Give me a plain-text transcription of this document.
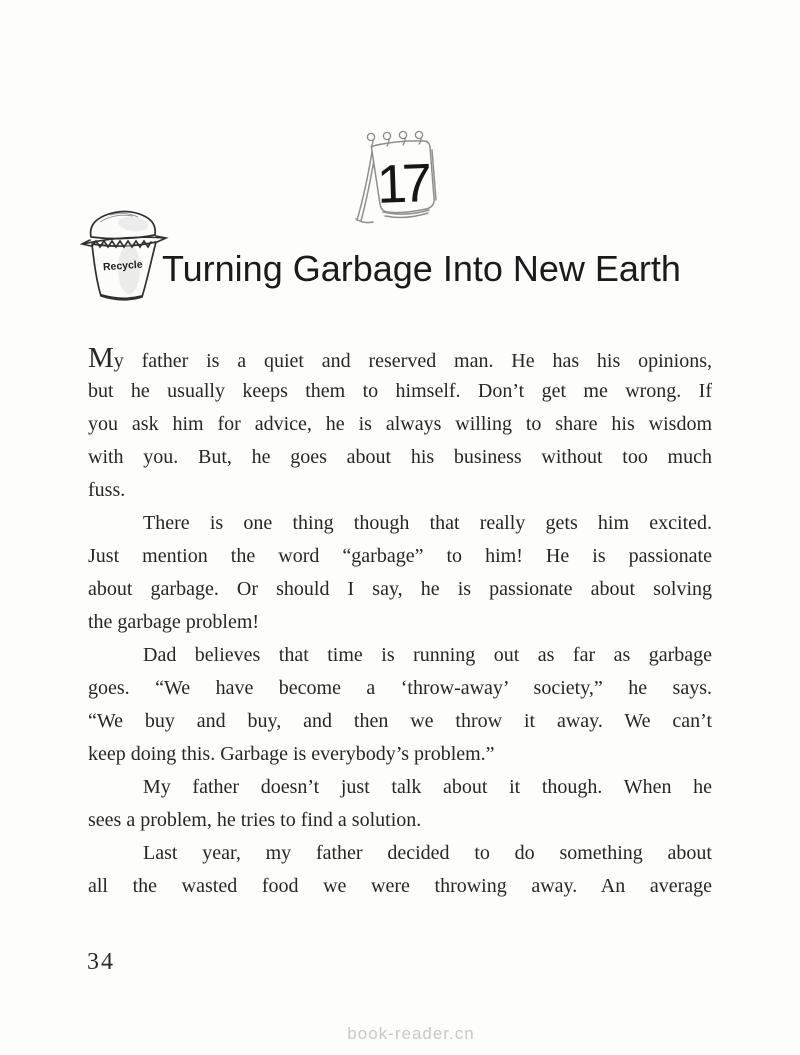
17
Recycle Turning Garbage Into New Earth
My father is a quiet and reserved man. He has his opinions,
but he usually keeps them to himself. Don’t get me wrong. If
you ask him for advice, he is always willing to share his wisdom
with you. But, he goes about his business without too much
fuss.
There is one thing though that really gets him excited.
Just mention the word “garbage” to him! He is passionate
about garbage. Or should I say, he is passionate about solving
the garbage problem!
Dad believes that time is running out as far as garbage
goes. “We have become a ‘throw-away’ society,” he says.
“We buy and buy, and then we throw it away. We can’t
keep doing this. Garbage is everybody’s problem.”
My father doesn’t just talk about it though. When he
sees a problem, he tries to find a solution.
Last year, my father decided to do something about
all the wasted food we were throwing away. An average
34
book-reader.cn
